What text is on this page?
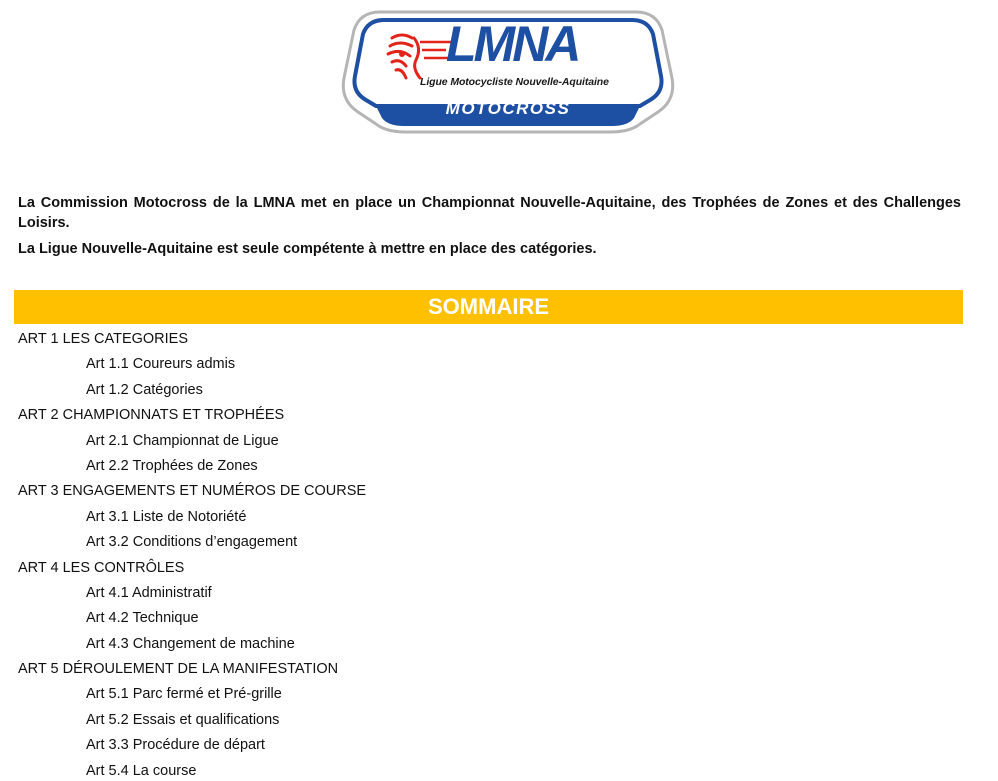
LMNA
Ligue Motocycliste Nouvelle-Aquitaine
MOTOCROSS

La Commission Motocross de la LMNA met en place un Championnat Nouvelle-Aquitaine, des Trophées de Zones et des Challenges Loisirs.

La Ligue Nouvelle-Aquitaine est seule compétente à mettre en place des catégories.

SOMMAIRE
ART 1 LES CATEGORIES
Art 1.1 Coureurs admis
Art 1.2 Catégories
ART 2 CHAMPIONNATS ET TROPHÉES
Art 2.1 Championnat de Ligue
Art 2.2 Trophées de Zones
ART 3 ENGAGEMENTS ET NUMÉROS DE COURSE
Art 3.1 Liste de Notoriété
Art 3.2 Conditions d’engagement
ART 4 LES CONTRÔLES
Art 4.1 Administratif
Art 4.2 Technique
Art 4.3 Changement de machine
ART 5 DÉROULEMENT DE LA MANIFESTATION
Art 5.1 Parc fermé et Pré-grille
Art 5.2 Essais et qualifications
Art 3.3 Procédure de départ
Art 5.4 La course
